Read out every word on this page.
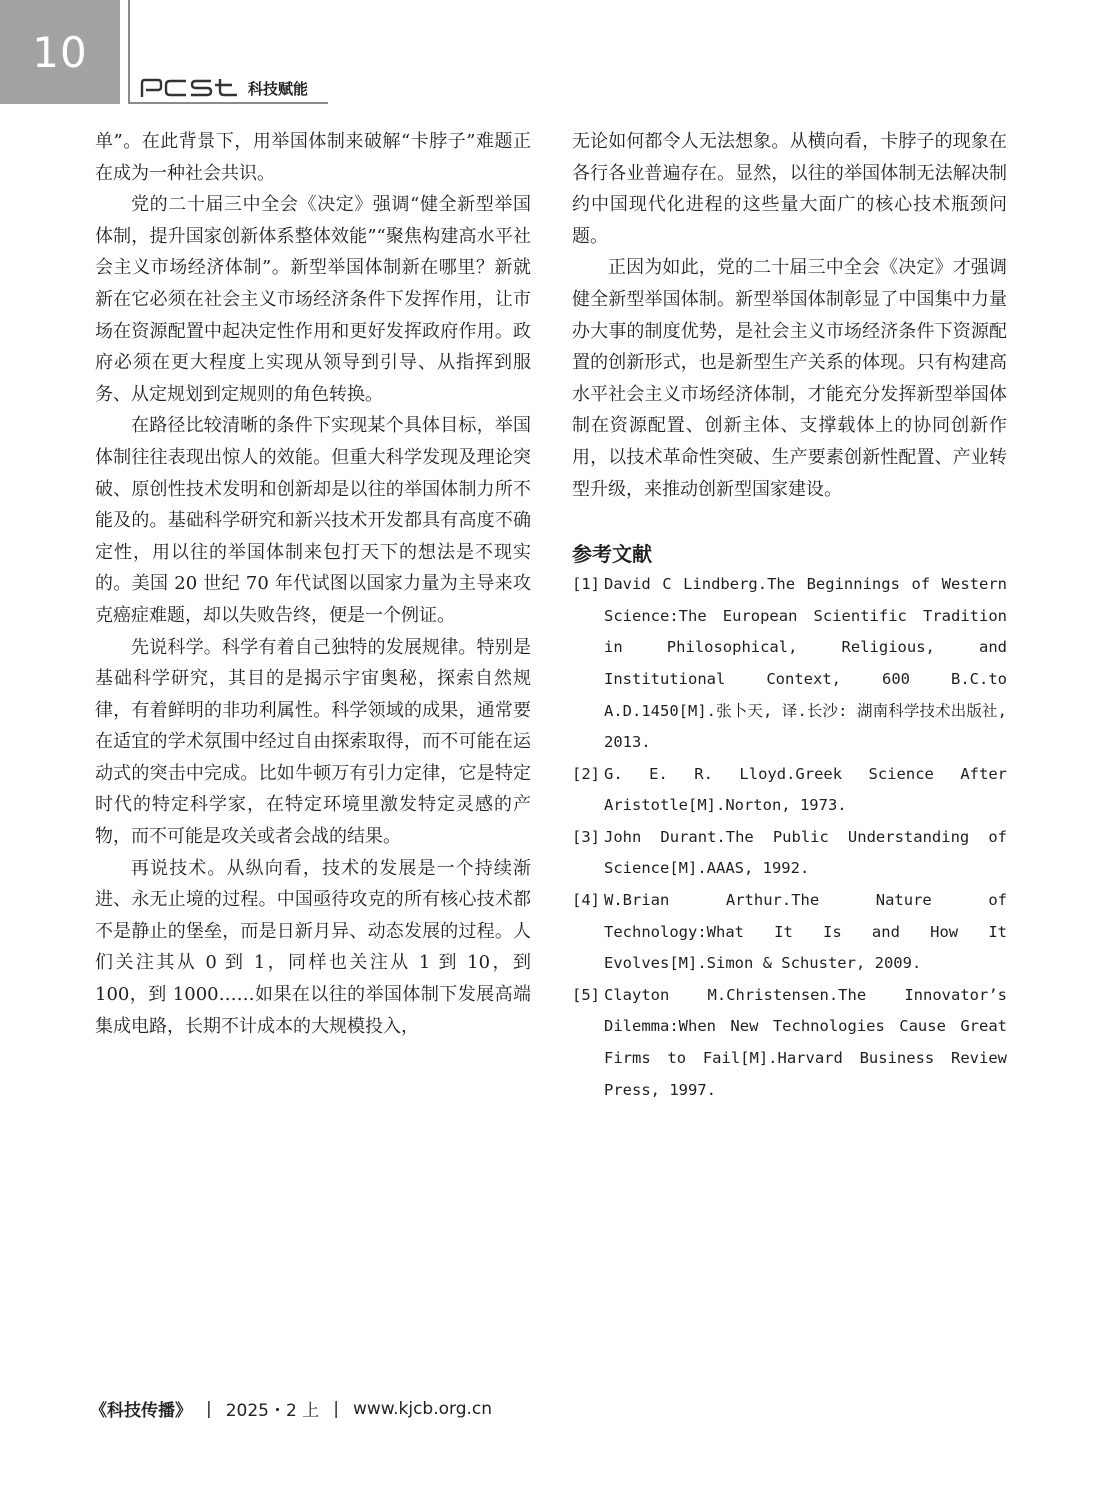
10
科技赋能

单”。在此背景下，用举国体制来破解“卡脖子”难题正在成为一种社会共识。

党的二十届三中全会《决定》强调“健全新型举国体制，提升国家创新体系整体效能”“聚焦构建高水平社会主义市场经济体制”。新型举国体制新在哪里？新就新在它必须在社会主义市场经济条件下发挥作用，让市场在资源配置中起决定性作用和更好发挥政府作用。政府必须在更大程度上实现从领导到引导、从指挥到服务、从定规划到定规则的角色转换。

在路径比较清晰的条件下实现某个具体目标，举国体制往往表现出惊人的效能。但重大科学发现及理论突破、原创性技术发明和创新却是以往的举国体制力所不能及的。基础科学研究和新兴技术开发都具有高度不确定性，用以往的举国体制来包打天下的想法是不现实的。美国 20 世纪 70 年代试图以国家力量为主导来攻克癌症难题，却以失败告终，便是一个例证。

先说科学。科学有着自己独特的发展规律。特别是基础科学研究，其目的是揭示宇宙奥秘，探索自然规律，有着鲜明的非功利属性。科学领域的成果，通常要在适宜的学术氛围中经过自由探索取得，而不可能在运动式的突击中完成。比如牛顿万有引力定律，它是特定时代的特定科学家，在特定环境里激发特定灵感的产物，而不可能是攻关或者会战的结果。

再说技术。从纵向看，技术的发展是一个持续渐进、永无止境的过程。中国亟待攻克的所有核心技术都不是静止的堡垒，而是日新月异、动态发展的过程。人们关注其从 0 到 1，同样也关注从 1 到 10，到 100，到 1000……如果在以往的举国体制下发展高端集成电路，长期不计成本的大规模投入，

无论如何都令人无法想象。从横向看，卡脖子的现象在各行各业普遍存在。显然，以往的举国体制无法解决制约中国现代化进程的这些量大面广的核心技术瓶颈问题。

正因为如此，党的二十届三中全会《决定》才强调健全新型举国体制。新型举国体制彰显了中国集中力量办大事的制度优势，是社会主义市场经济条件下资源配置的创新形式，也是新型生产关系的体现。只有构建高水平社会主义市场经济体制，才能充分发挥新型举国体制在资源配置、创新主体、支撑载体上的协同创新作用，以技术革命性突破、生产要素创新性配置、产业转型升级，来推动创新型国家建设。

参考文献
[1] David C Lindberg.The Beginnings of Western Science:The European Scientific Tradition in Philosophical, Religious, and Institutional Context, 600 B.C.to A.D.1450[M].张卜天, 译.长沙: 湖南科学技术出版社, 2013.
[2] G. E. R. Lloyd.Greek Science After Aristotle[M].Norton, 1973.
[3] John Durant.The Public Understanding of Science[M].AAAS, 1992.
[4] W.Brian Arthur.The Nature of Technology:What It Is and How It Evolves[M].Simon & Schuster, 2009.
[5] Clayton M.Christensen.The Innovator’s Dilemma:When New Technologies Cause Great Firms to Fail[M].Harvard Business Review Press, 1997.
《科技传播》 | 2025・2 上 | www.kjcb.org.cn
